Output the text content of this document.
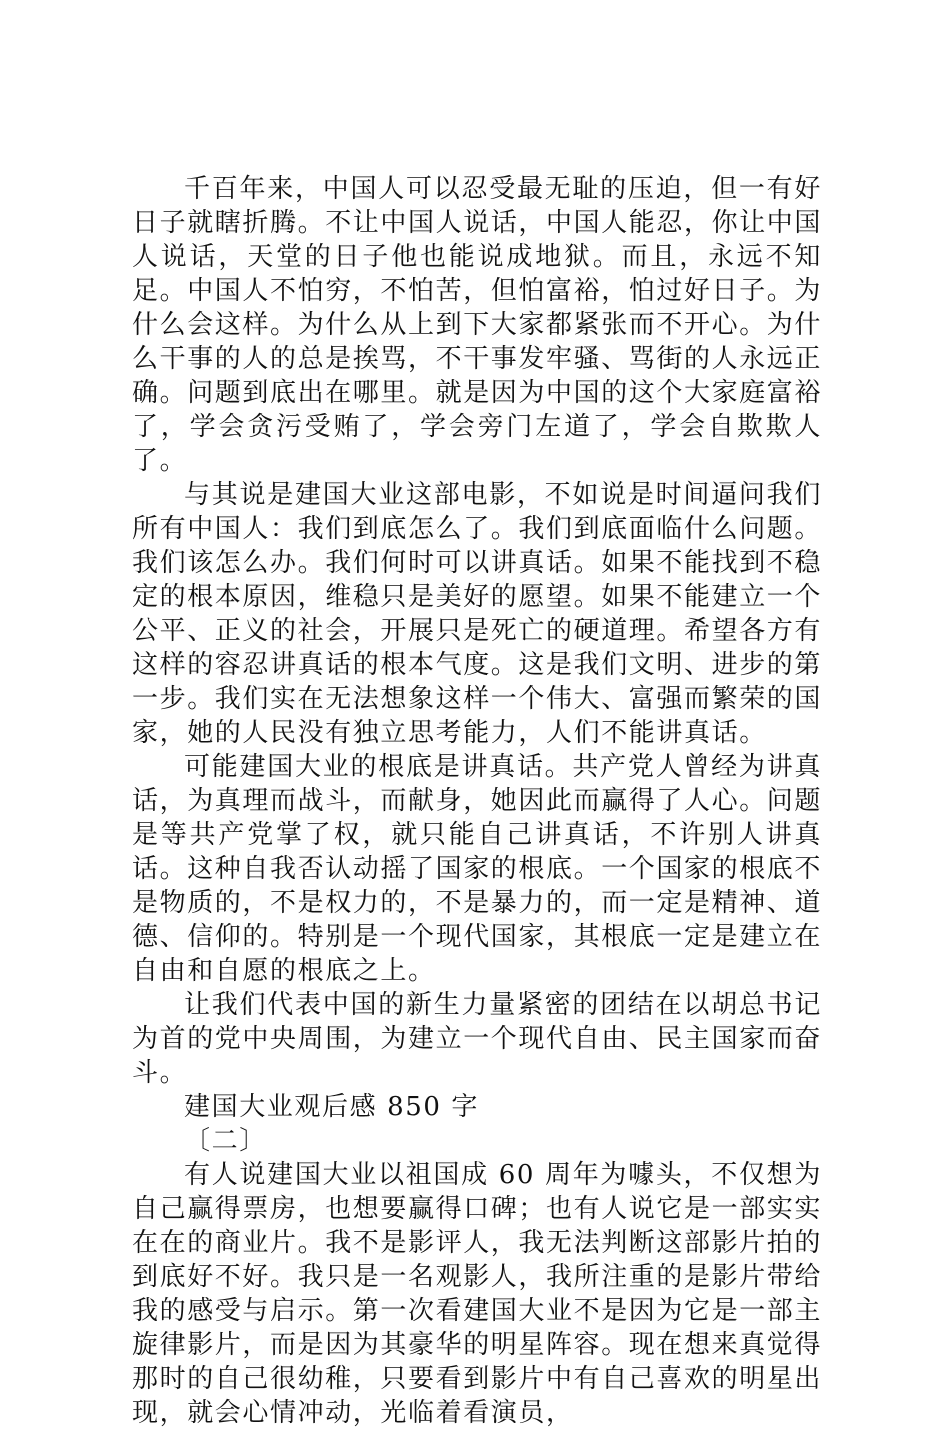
千百年来，中国人可以忍受最无耻的压迫，但一有好日子就瞎折腾。不让中国人说话，中国人能忍，你让中国人说话，天堂的日子他也能说成地狱。而且，永远不知足。中国人不怕穷，不怕苦，但怕富裕，怕过好日子。为什么会这样。为什么从上到下大家都紧张而不开心。为什么干事的人的总是挨骂，不干事发牢骚、骂街的人永远正确。问题到底出在哪里。就是因为中国的这个大家庭富裕了，学会贪污受贿了，学会旁门左道了，学会自欺欺人了。

与其说是建国大业这部电影，不如说是时间逼问我们所有中国人：我们到底怎么了。我们到底面临什么问题。我们该怎么办。我们何时可以讲真话。如果不能找到不稳定的根本原因，维稳只是美好的愿望。如果不能建立一个公平、正义的社会，开展只是死亡的硬道理。希望各方有这样的容忍讲真话的根本气度。这是我们文明、进步的第一步。我们实在无法想象这样一个伟大、富强而繁荣的国家，她的人民没有独立思考能力，人们不能讲真话。

可能建国大业的根底是讲真话。共产党人曾经为讲真话，为真理而战斗，而献身，她因此而赢得了人心。问题是等共产党掌了权，就只能自己讲真话，不许别人讲真话。这种自我否认动摇了国家的根底。一个国家的根底不是物质的，不是权力的，不是暴力的，而一定是精神、道德、信仰的。特别是一个现代国家，其根底一定是建立在自由和自愿的根底之上。

让我们代表中国的新生力量紧密的团结在以胡总书记为首的党中央周围，为建立一个现代自由、民主国家而奋斗。

建国大业观后感 850 字

〔二〕

有人说建国大业以祖国成 60 周年为噱头，不仅想为自己赢得票房，也想要赢得口碑；也有人说它是一部实实在在的商业片。我不是影评人，我无法判断这部影片拍的到底好不好。我只是一名观影人，我所注重的是影片带给我的感受与启示。第一次看建国大业不是因为它是一部主旋律影片，而是因为其豪华的明星阵容。现在想来真觉得那时的自己很幼稚，只要看到影片中有自己喜欢的明星出现，就会心情冲动，光临着看演员，
